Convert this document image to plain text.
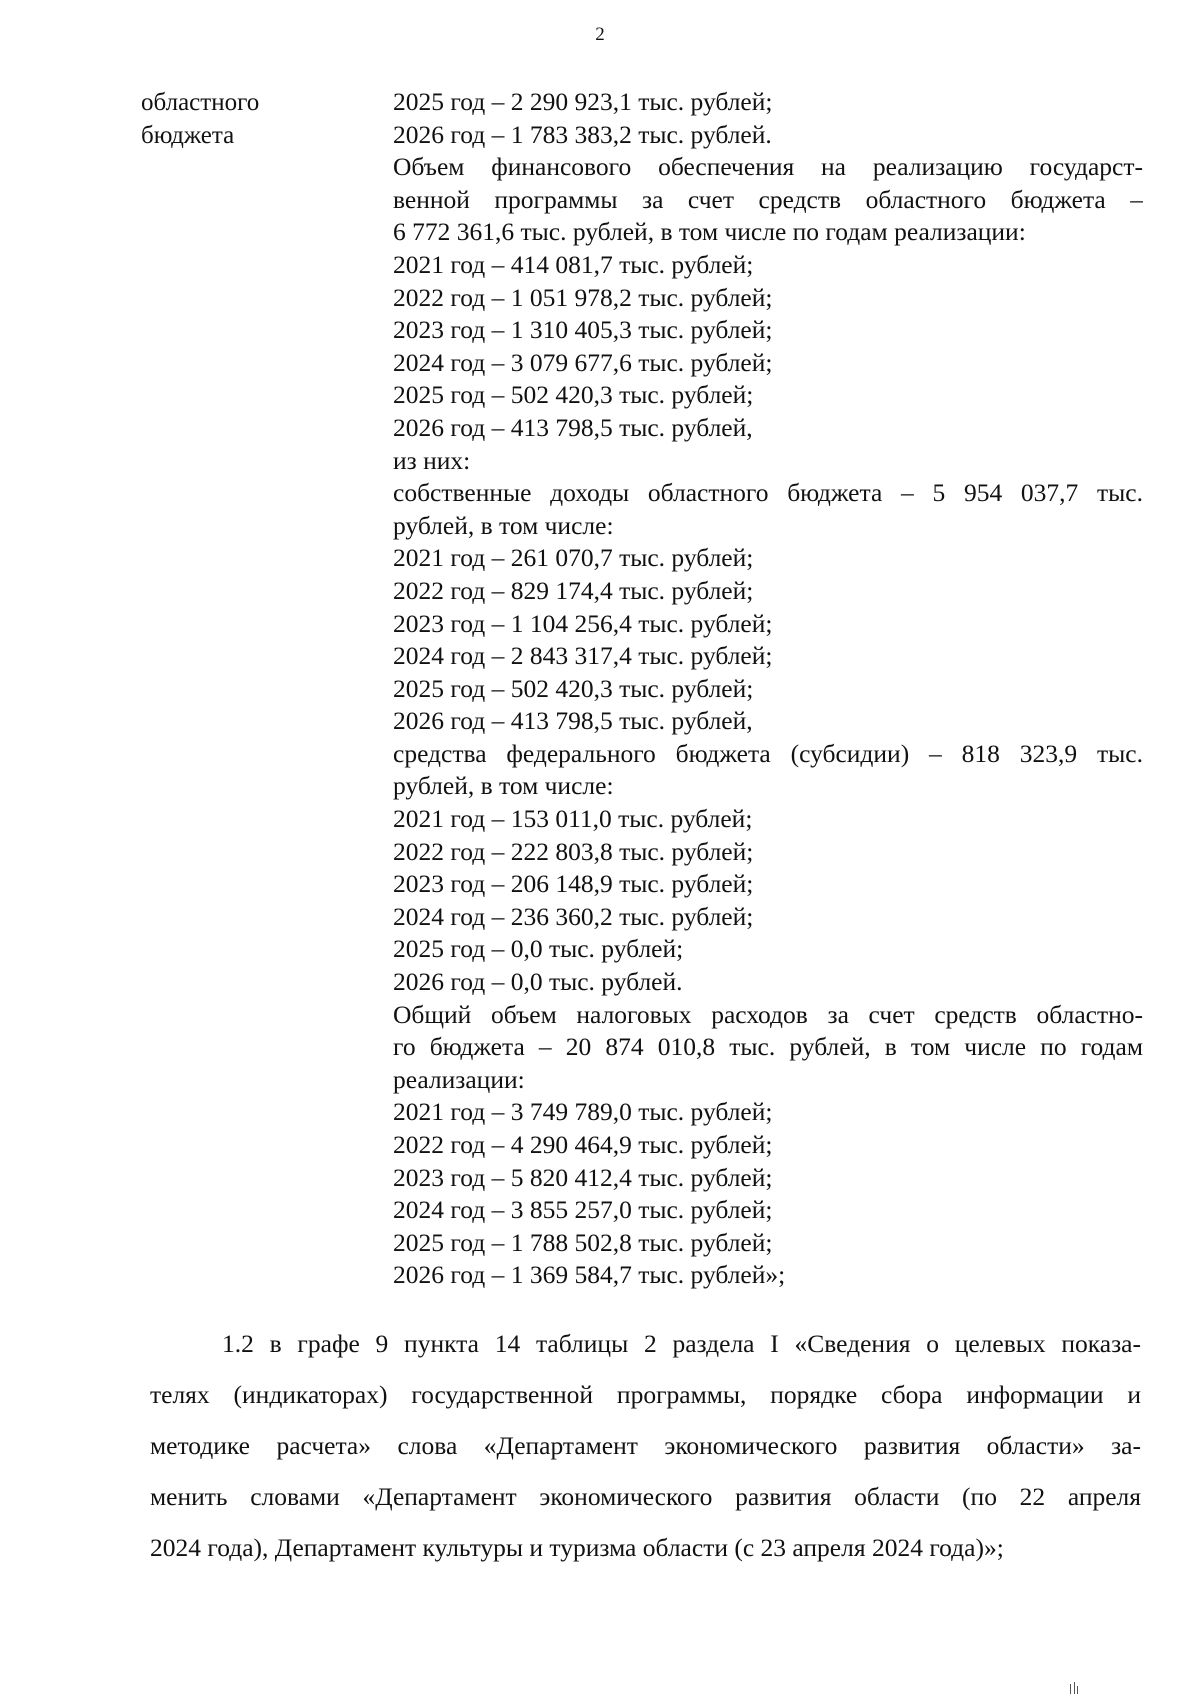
2
областного
бюджета
2025 год – 2 290 923,1 тыс. рублей;
2026 год – 1 783 383,2 тыс. рублей.
Объем финансового обеспечения на реализацию государст-
венной программы за счет средств областного бюджета –
6 772 361,6 тыс. рублей, в том числе по годам реализации:
2021 год – 414 081,7 тыс. рублей;
2022 год – 1 051 978,2 тыс. рублей;
2023 год – 1 310 405,3 тыс. рублей;
2024 год – 3 079 677,6 тыс. рублей;
2025 год – 502 420,3 тыс. рублей;
2026 год – 413 798,5 тыс. рублей,
из них:
собственные доходы областного бюджета – 5 954 037,7 тыс.
рублей, в том числе:
2021 год – 261 070,7 тыс. рублей;
2022 год – 829 174,4 тыс. рублей;
2023 год – 1 104 256,4 тыс. рублей;
2024 год – 2 843 317,4 тыс. рублей;
2025 год – 502 420,3 тыс. рублей;
2026 год – 413 798,5 тыс. рублей,
средства федерального бюджета (субсидии) – 818 323,9 тыс.
рублей, в том числе:
2021 год – 153 011,0 тыс. рублей;
2022 год – 222 803,8 тыс. рублей;
2023 год – 206 148,9 тыс. рублей;
2024 год – 236 360,2 тыс. рублей;
2025 год – 0,0 тыс. рублей;
2026 год – 0,0 тыс. рублей.
Общий объем налоговых расходов за счет средств областно-
го бюджета – 20 874 010,8 тыс. рублей, в том числе по годам
реализации:
2021 год – 3 749 789,0 тыс. рублей;
2022 год – 4 290 464,9 тыс. рублей;
2023 год – 5 820 412,4 тыс. рублей;
2024 год – 3 855 257,0 тыс. рублей;
2025 год – 1 788 502,8 тыс. рублей;
2026 год – 1 369 584,7 тыс. рублей»;
1.2 в графе 9 пункта 14 таблицы 2 раздела I «Сведения о целевых показа-
телях (индикаторах) государственной программы, порядке сбора информации и
методике расчета» слова «Департамент экономического развития области» за-
менить словами «Департамент экономического развития области (по 22 апреля
2024 года), Департамент культуры и туризма области (с 23 апреля 2024 года)»;
